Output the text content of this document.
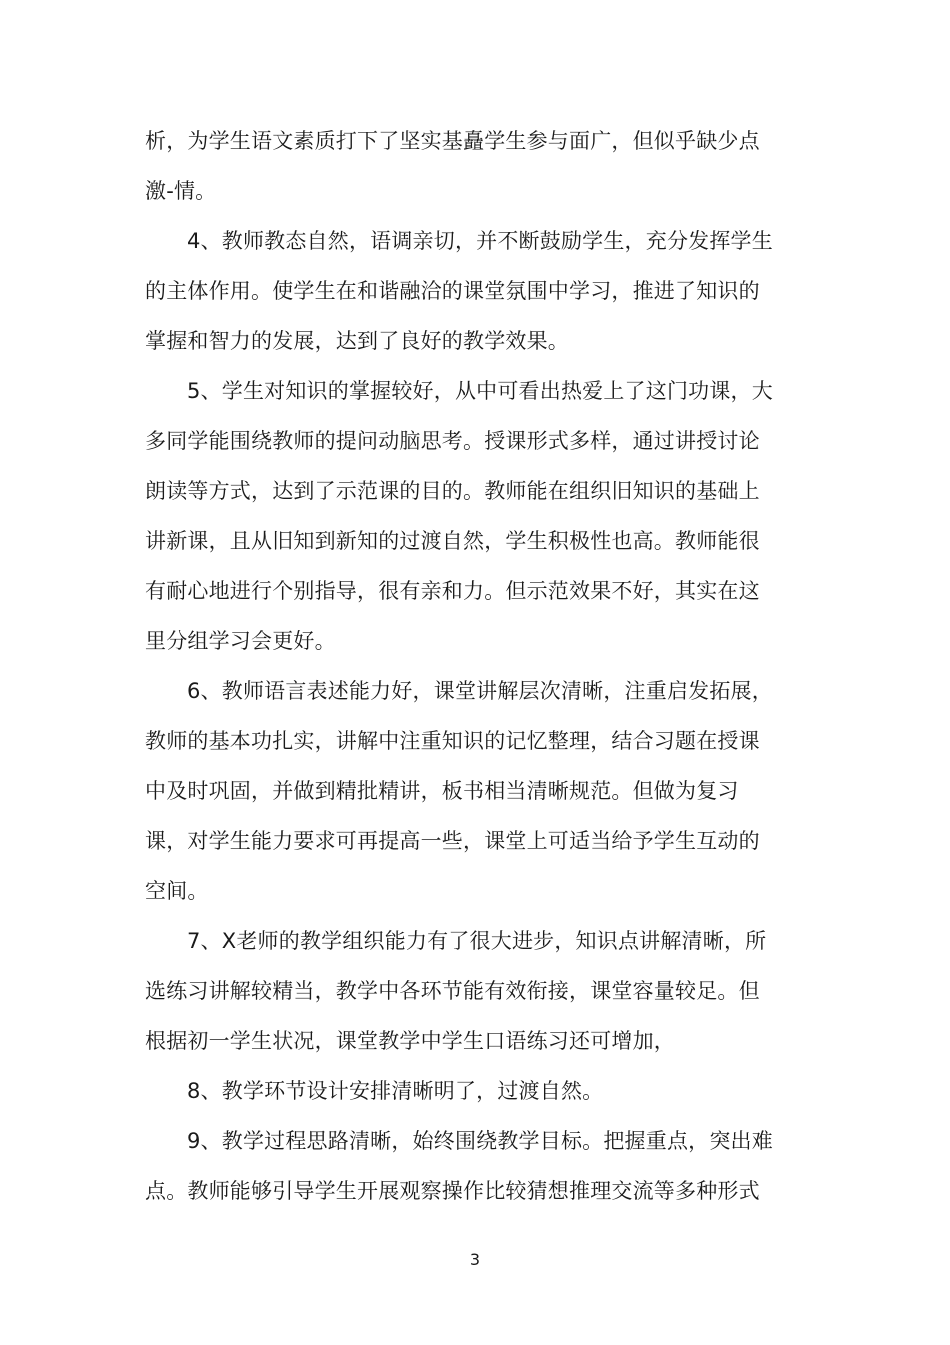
析，为学生语文素质打下了坚实基矗学生参与面广，但似乎缺少点
激-情。
4、教师教态自然，语调亲切，并不断鼓励学生，充分发挥学生
的主体作用。使学生在和谐融洽的课堂氛围中学习，推进了知识的
掌握和智力的发展，达到了良好的教学效果。
5、学生对知识的掌握较好，从中可看出热爱上了这门功课，大
多同学能围绕教师的提问动脑思考。授课形式多样，通过讲授讨论
朗读等方式，达到了示范课的目的。教师能在组织旧知识的基础上
讲新课，且从旧知到新知的过渡自然，学生积极性也高。教师能很
有耐心地进行个别指导，很有亲和力。但示范效果不好，其实在这
里分组学习会更好。
6、教师语言表述能力好，课堂讲解层次清晰，注重启发拓展，
教师的基本功扎实，讲解中注重知识的记忆整理，结合习题在授课
中及时巩固，并做到精批精讲，板书相当清晰规范。但做为复习
课，对学生能力要求可再提高一些，课堂上可适当给予学生互动的
空间。
7、X老师的教学组织能力有了很大进步，知识点讲解清晰，所
选练习讲解较精当，教学中各环节能有效衔接，课堂容量较足。但
根据初一学生状况，课堂教学中学生口语练习还可增加，
8、教学环节设计安排清晰明了，过渡自然。
9、教学过程思路清晰，始终围绕教学目标。把握重点，突出难
点。教师能够引导学生开展观察操作比较猜想推理交流等多种形式
3
